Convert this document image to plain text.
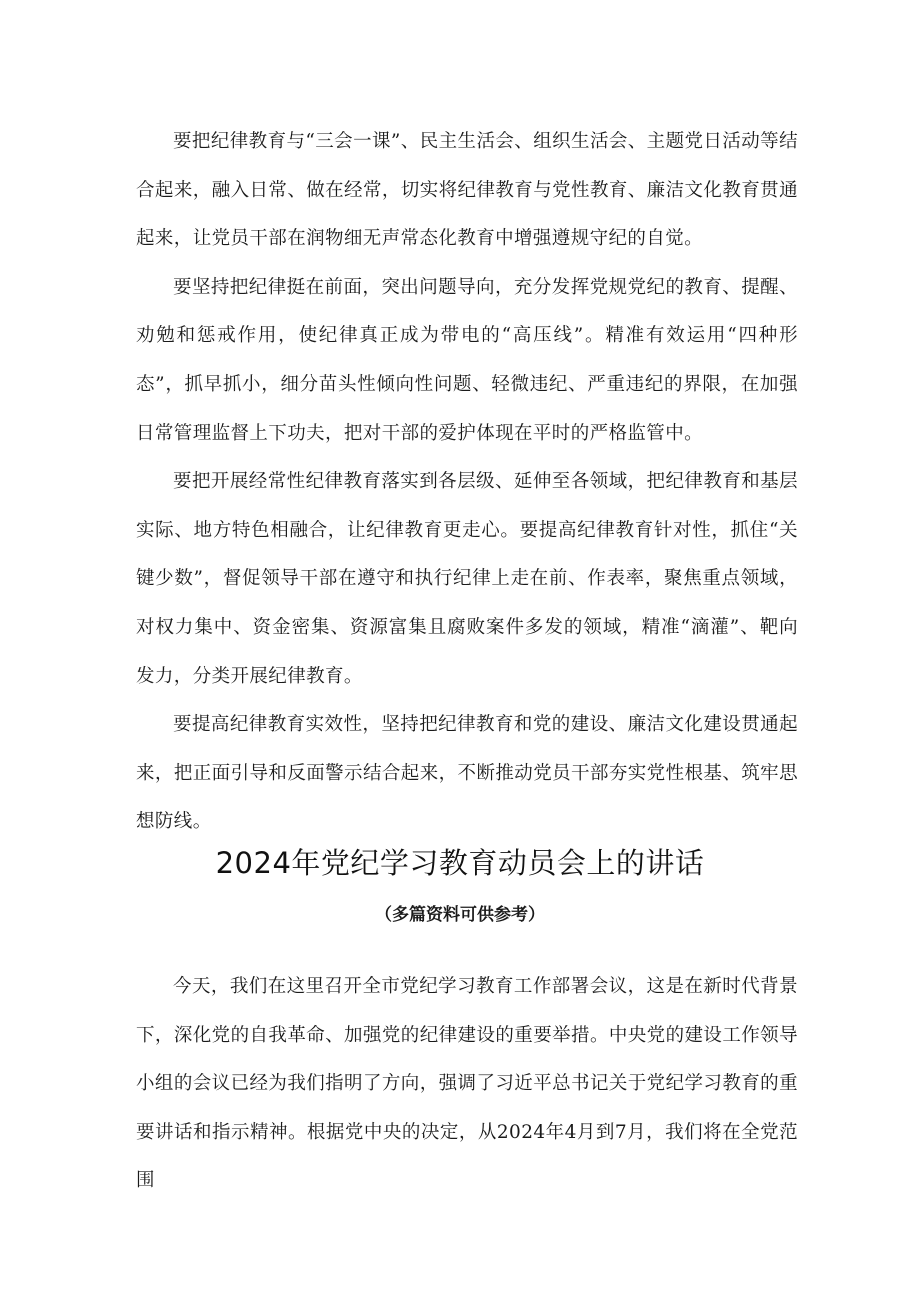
要把纪律教育与“三会一课”、民主生活会、组织生活会、主题党日活动等结合起来，融入日常、做在经常，切实将纪律教育与党性教育、廉洁文化教育贯通起来，让党员干部在润物细无声常态化教育中增强遵规守纪的自觉。

要坚持把纪律挺在前面，突出问题导向，充分发挥党规党纪的教育、提醒、劝勉和惩戒作用，使纪律真正成为带电的“高压线”。精准有效运用“四种形态”，抓早抓小，细分苗头性倾向性问题、轻微违纪、严重违纪的界限，在加强日常管理监督上下功夫，把对干部的爱护体现在平时的严格监管中。

要把开展经常性纪律教育落实到各层级、延伸至各领域，把纪律教育和基层实际、地方特色相融合，让纪律教育更走心。要提高纪律教育针对性，抓住“关键少数”，督促领导干部在遵守和执行纪律上走在前、作表率，聚焦重点领域，对权力集中、资金密集、资源富集且腐败案件多发的领域，精准“滴灌”、靶向发力，分类开展纪律教育。

要提高纪律教育实效性，坚持把纪律教育和党的建设、廉洁文化建设贯通起来，把正面引导和反面警示结合起来，不断推动党员干部夯实党性根基、筑牢思想防线。

2024年党纪学习教育动员会上的讲话
（多篇资料可供参考）

今天，我们在这里召开全市党纪学习教育工作部署会议，这是在新时代背景下，深化党的自我革命、加强党的纪律建设的重要举措。中央党的建设工作领导小组的会议已经为我们指明了方向，强调了习近平总书记关于党纪学习教育的重要讲话和指示精神。根据党中央的决定，从2024年4月到7月，我们将在全党范围
